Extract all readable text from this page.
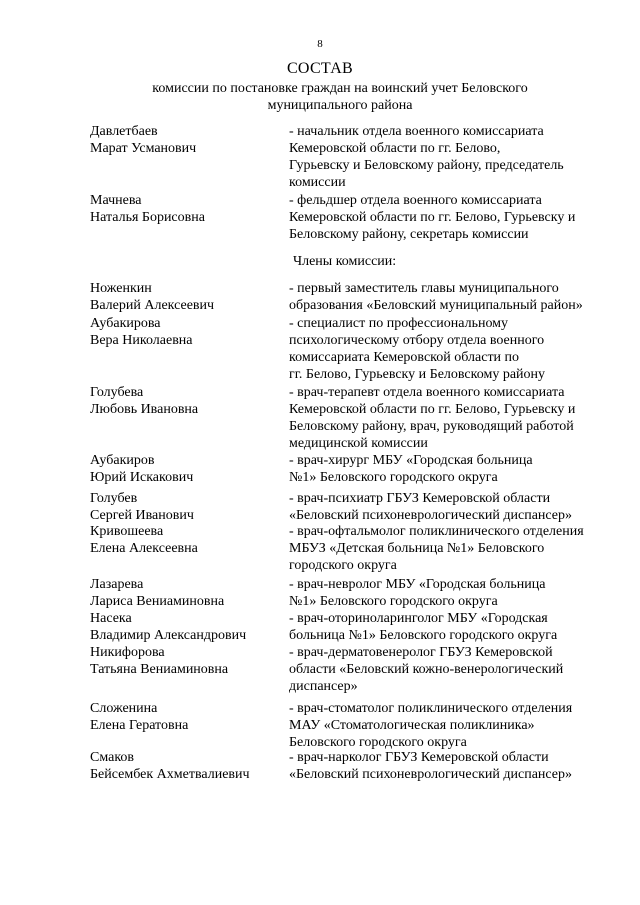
8
СОСТАВ
комиссии по постановке граждан на воинский учет Беловского
муниципального района
Члены комиссии:
Давлетбаев
Марат Усманович
- начальник отдела военного комиссариата
Кемеровской области по гг. Белово,
Гурьевску и Беловскому району, председатель
комиссии
Мачнева
Наталья Борисовна
- фельдшер отдела военного комиссариата
Кемеровской области по гг. Белово, Гурьевску и
Беловскому району, секретарь комиссии
Ноженкин
Валерий Алексеевич
- первый заместитель главы муниципального
образования «Беловский муниципальный район»
Аубакирова
Вера Николаевна
- специалист по профессиональному
психологическому отбору отдела военного
комиссариата Кемеровской области по
гг. Белово, Гурьевску и Беловскому району
Голубева
Любовь Ивановна
- врач-терапевт отдела военного комиссариата
Кемеровской области по гг. Белово, Гурьевску и
Беловскому району, врач, руководящий работой
медицинской комиссии
Аубакиров
Юрий Искакович
- врач-хирург МБУ «Городская больница
№1» Беловского городского округа
Голубев
Сергей Иванович
- врач-психиатр ГБУЗ Кемеровской области
«Беловский психоневрологический диспансер»
Кривошеева
Елена Алексеевна
- врач-офтальмолог поликлинического отделения
МБУЗ «Детская больница №1» Беловского
городского округа
Лазарева
Лариса Вениаминовна
- врач-невролог МБУ «Городская больница
№1» Беловского городского округа
Насека
Владимир Александрович
- врач-оториноларинголог МБУ «Городская
больница №1» Беловского городского округа
Никифорова
Татьяна Вениаминовна
- врач-дерматовенеролог ГБУЗ Кемеровской
области «Беловский кожно-венерологический
диспансер»
Сложенина
Елена Гератовна
- врач-стоматолог поликлинического отделения
МАУ «Стоматологическая поликлиника»
Беловского городского округа
Смаков
Бейсембек Ахметвалиевич
- врач-нарколог ГБУЗ Кемеровской области
«Беловский психоневрологический диспансер»
